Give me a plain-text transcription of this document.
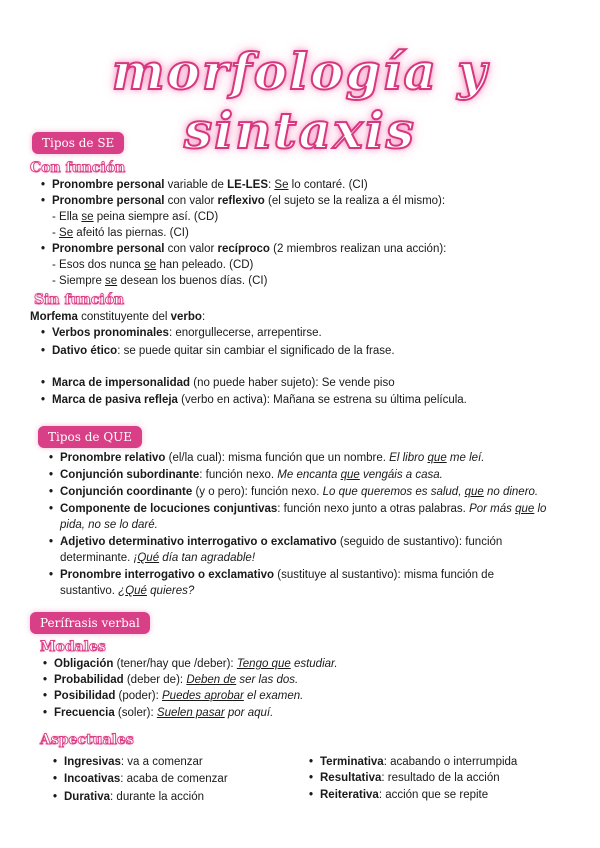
morfología y sintaxis
Tipos de SE
Con función
• Pronombre personal variable de LE-LES: Se lo contaré. (CI)
• Pronombre personal con valor reflexivo (el sujeto se la realiza a él mismo):
- Ella se peina siempre así. (CD)
- Se afeitó las piernas. (CI)
• Pronombre personal con valor recíproco (2 miembros realizan una acción):
- Esos dos nunca se han peleado. (CD)
- Siempre se desean los buenos días. (CI)
Sin función
Morfema constituyente del verbo:
• Verbos pronominales: enorgullecerse, arrepentirse.
• Dativo ético: se puede quitar sin cambiar el significado de la frase.
• Marca de impersonalidad (no puede haber sujeto): Se vende piso
• Marca de pasiva refleja (verbo en activa): Mañana se estrena su última película.
Tipos de QUE
• Pronombre relativo (el/la cual): misma función que un nombre. El libro que me leí.
• Conjunción subordinante: función nexo. Me encanta que vengáis a casa.
• Conjunción coordinante (y o pero): función nexo. Lo que queremos es salud, que no dinero.
• Componente de locuciones conjuntivas: función nexo junto a otras palabras. Por más que lo
pida, no se lo daré.
• Adjetivo determinativo interrogativo o exclamativo (seguido de sustantivo): función
determinante. ¡Qué día tan agradable!
• Pronombre interrogativo o exclamativo (sustituye al sustantivo): misma función de
sustantivo. ¿Qué quieres?
Perífrasis verbal
Modales
• Obligación (tener/hay que /deber): Tengo que estudiar.
• Probabilidad (deber de): Deben de ser las dos.
• Posibilidad (poder): Puedes aprobar el examen.
• Frecuencia (soler): Suelen pasar por aquí.
Aspectuales
• Ingresivas: va a comenzar
• Incoativas: acaba de comenzar
• Durativa: durante la acción
• Terminativa: acabando o interrumpida
• Resultativa: resultado de la acción
• Reiterativa: acción que se repite
